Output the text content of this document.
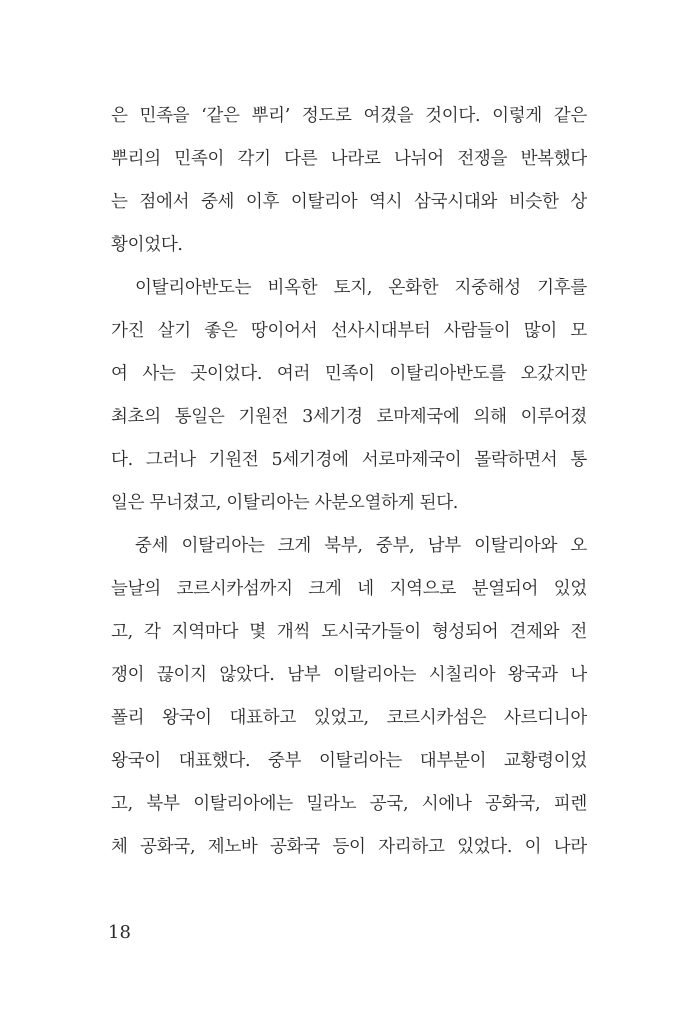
은 민족을 ‘같은 뿌리’ 정도로 여겼을 것이다. 이렇게 같은
뿌리의 민족이 각기 다른 나라로 나뉘어 전쟁을 반복했다
는 점에서 중세 이후 이탈리아 역시 삼국시대와 비슷한 상
황이었다.
이탈리아반도는 비옥한 토지, 온화한 지중해성 기후를
가진 살기 좋은 땅이어서 선사시대부터 사람들이 많이 모
여 사는 곳이었다. 여러 민족이 이탈리아반도를 오갔지만
최초의 통일은 기원전 3세기경 로마제국에 의해 이루어졌
다. 그러나 기원전 5세기경에 서로마제국이 몰락하면서 통
일은 무너졌고, 이탈리아는 사분오열하게 된다.
중세 이탈리아는 크게 북부, 중부, 남부 이탈리아와 오
늘날의 코르시카섬까지 크게 네 지역으로 분열되어 있었
고, 각 지역마다 몇 개씩 도시국가들이 형성되어 견제와 전
쟁이 끊이지 않았다. 남부 이탈리아는 시칠리아 왕국과 나
폴리 왕국이 대표하고 있었고, 코르시카섬은 사르디니아
왕국이 대표했다. 중부 이탈리아는 대부분이 교황령이었
고, 북부 이탈리아에는 밀라노 공국, 시에나 공화국, 피렌
체 공화국, 제노바 공화국 등이 자리하고 있었다. 이 나라
18
